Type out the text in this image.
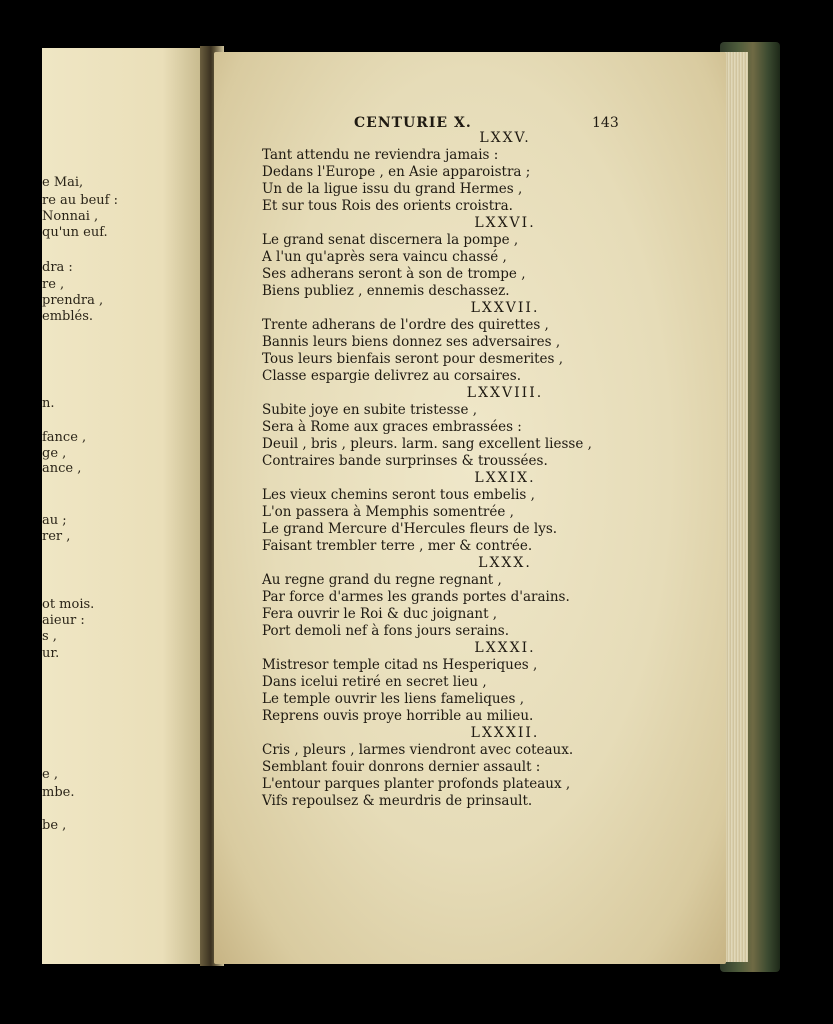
e Mai,
re au beuf :
Nonnai ,
qu'un euf.
dra :
re ,
prendra ,
emblés.
n.
fance ,
ge ,
ance ,
au ;
rer ,
ot mois.
aieur :
s ,
ur.
e ,
mbe.
be ,
CENTURIE X.	143
LXXV.
Tant attendu ne reviendra jamais :
Dedans l'Europe , en Asie apparoistra ;
Un de la ligue issu du grand Hermes ,
Et sur tous Rois des orients croistra.
LXXVI.
Le grand senat discernera la pompe ,
A l'un qu'après sera vaincu chassé ,
Ses adherans seront à son de trompe ,
Biens publiez , ennemis deschassez.
LXXVII.
Trente adherans de l'ordre des quirettes ,
Bannis leurs biens donnez ses adversaires ,
Tous leurs bienfais seront pour desmerites ,
Classe espargie delivrez au corsaires.
LXXVIII.
Subite joye en subite tristesse ,
Sera à Rome aux graces embrassées :
Deuil , bris , pleurs. larm. sang excellent liesse ,
Contraires bande surprinses & troussées.
LXXIX.
Les vieux chemins seront tous embelis ,
L'on passera à Memphis somentrée ,
Le grand Mercure d'Hercules fleurs de lys.
Faisant trembler terre , mer & contrée.
LXXX.
Au regne grand du regne regnant ,
Par force d'armes les grands portes d'arains.
Fera ouvrir le Roi & duc joignant ,
Port demoli nef à fons jours serains.
LXXXI.
Mistresor temple citad ns Hesperiques ,
Dans icelui retiré en secret lieu ,
Le temple ouvrir les liens fameliques ,
Reprens ouvis proye horrible au milieu.
LXXXII.
Cris , pleurs , larmes viendront avec coteaux.
Semblant fouir donrons dernier assault :
L'entour parques planter profonds plateaux ,
Vifs repoulsez & meurdris de prinsault.
